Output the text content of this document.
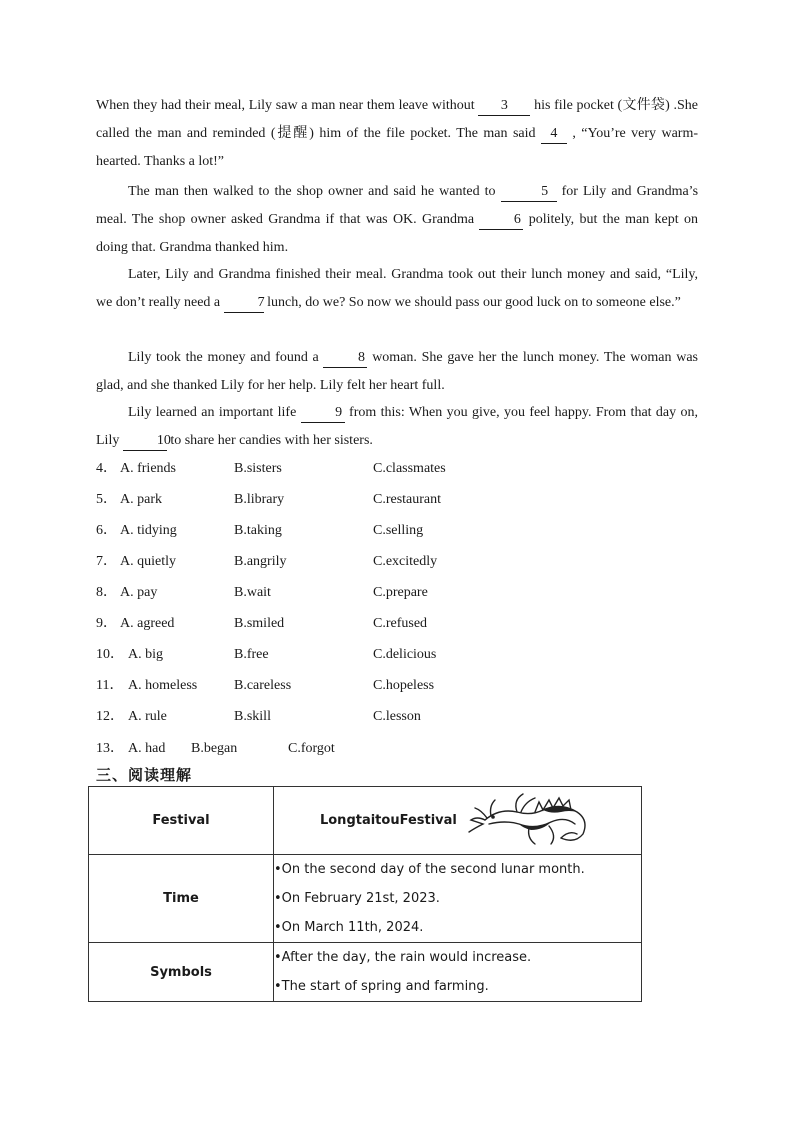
When they had their meal, Lily saw a man near them leave without 3 his file pocket (文件袋) .She called the man and reminded (提醒) him of the file pocket. The man said 4 , “You’re very warm-hearted. Thanks a lot!”
The man then walked to the shop owner and said he wanted to	5 for Lily and Grandma’s meal. The shop owner asked Grandma if that was OK. Grandma 6 politely, but the man kept on doing that. Grandma thanked him.
Later, Lily and Grandma finished their meal. Grandma took out their lunch money and said, “Lily, we don’t really need a 7 lunch, do we? So now we should pass our good luck on to someone else.”
Lily took the money and found a 8 woman. She gave her the lunch money. The woman was glad, and she thanked Lily for her help. Lily felt her heart full.
Lily learned an important life 9 from this: When you give, you feel happy. From that day on, Lily 10 to share her candies with her sisters.
4． A. friends	B.sisters	C.classmates
5． A. park	B.library	C.restaurant
6． A. tidying	B.taking	C.selling
7． A. quietly	B.angrily	C.excitedly
8． A. pay	B.wait	C.prepare
9． A. agreed	B.smiled	C.refused
10． A. big	B.free	C.delicious
11． A. homeless	B.careless	C.hopeless
12． A. rule	B.skill	C.lesson
13． A. had B.began	C.forgot
三、阅读理解
Festival	LongtaitouFestival
Time	•On the second day of the second lunar month.
•On February 21st, 2023.
•On March 11th, 2024.

Symbols	•After the day, the rain would increase.
•The start of spring and farming.
